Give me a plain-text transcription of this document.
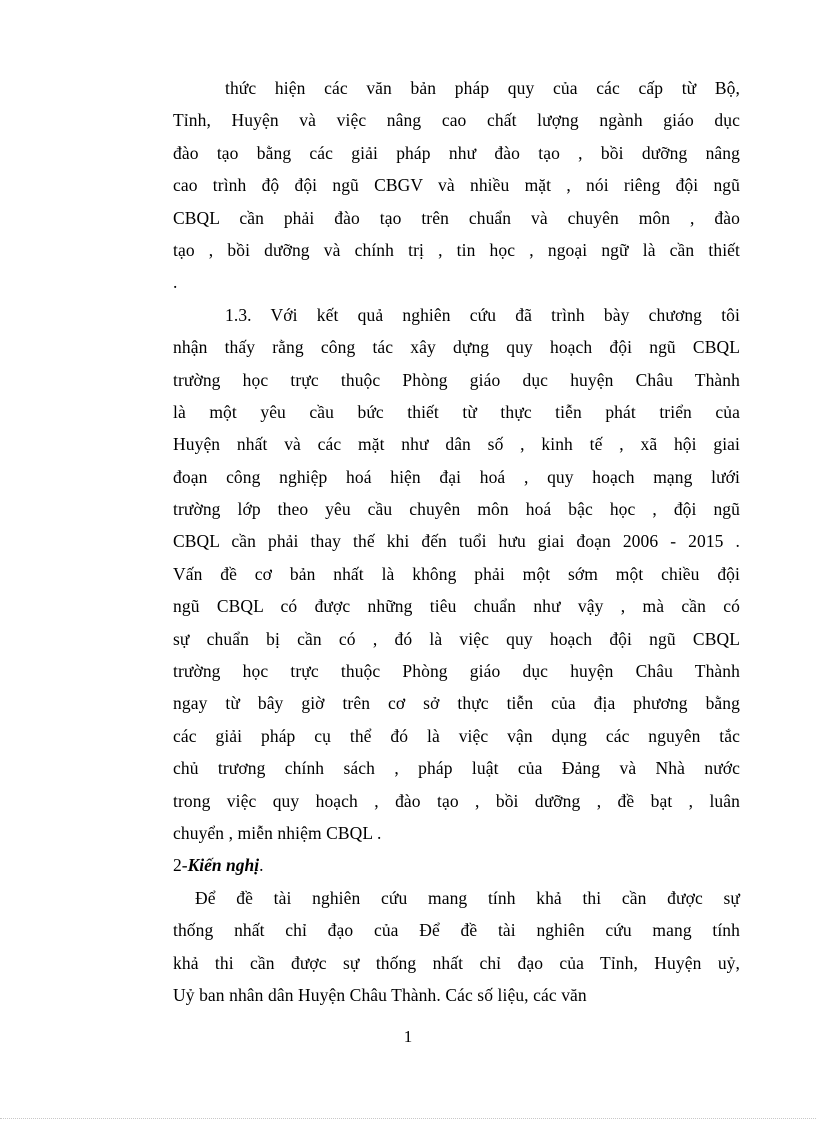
thức hiện các văn bản pháp quy của các cấp từ Bộ,
Tỉnh, Huyện và việc nâng cao chất lượng ngành giáo dục
đào tạo bằng các giải pháp như đào tạo , bồi dưỡng nâng
cao trình độ đội ngũ CBGV và nhiều mặt , nói riêng đội ngũ
CBQL cần phải đào tạo trên chuẩn và chuyên môn , đào
tạo , bồi dưỡng và chính trị , tin học , ngoại ngữ là cần thiết
.
1.3. Với kết quả nghiên cứu đã trình bày chương tôi
nhận thấy rằng công tác xây dựng quy hoạch đội ngũ CBQL
trường học trực thuộc Phòng giáo dục huyện Châu Thành
là một yêu cầu bức thiết từ thực tiễn phát triển của
Huyện nhất và các mặt như dân số , kinh tế , xã hội giai
đoạn công nghiệp hoá hiện đại hoá , quy hoạch mạng lưới
trường lớp theo yêu cầu chuyên môn hoá bậc học , đội ngũ
CBQL cần phải thay thế khi đến tuổi hưu giai đoạn 2006 - 2015 .
Vấn đề cơ bản nhất là không phải một sớm một chiều đội
ngũ CBQL có được những tiêu chuẩn như vậy , mà cần có
sự chuẩn bị cần có , đó là việc quy hoạch đội ngũ CBQL
trường học trực thuộc Phòng giáo dục huyện Châu Thành
ngay từ bây giờ trên cơ sở thực tiễn của địa phương bằng
các giải pháp cụ thể đó là việc vận dụng các nguyên tắc
chủ trương chính sách , pháp luật của Đảng và Nhà nước
trong việc quy hoạch , đào tạo , bồi dưỡng , đề bạt , luân
chuyển , miễn nhiệm CBQL .
2-Kiến nghị.
Để đề tài nghiên cứu mang tính khả thi cần được sự
thống nhất chỉ đạo của Để đề tài nghiên cứu mang tính
khả thi cần được sự thống nhất chỉ đạo của Tỉnh, Huyện uỷ,
Uỷ ban nhân dân Huyện Châu Thành. Các số liệu, các văn
1
